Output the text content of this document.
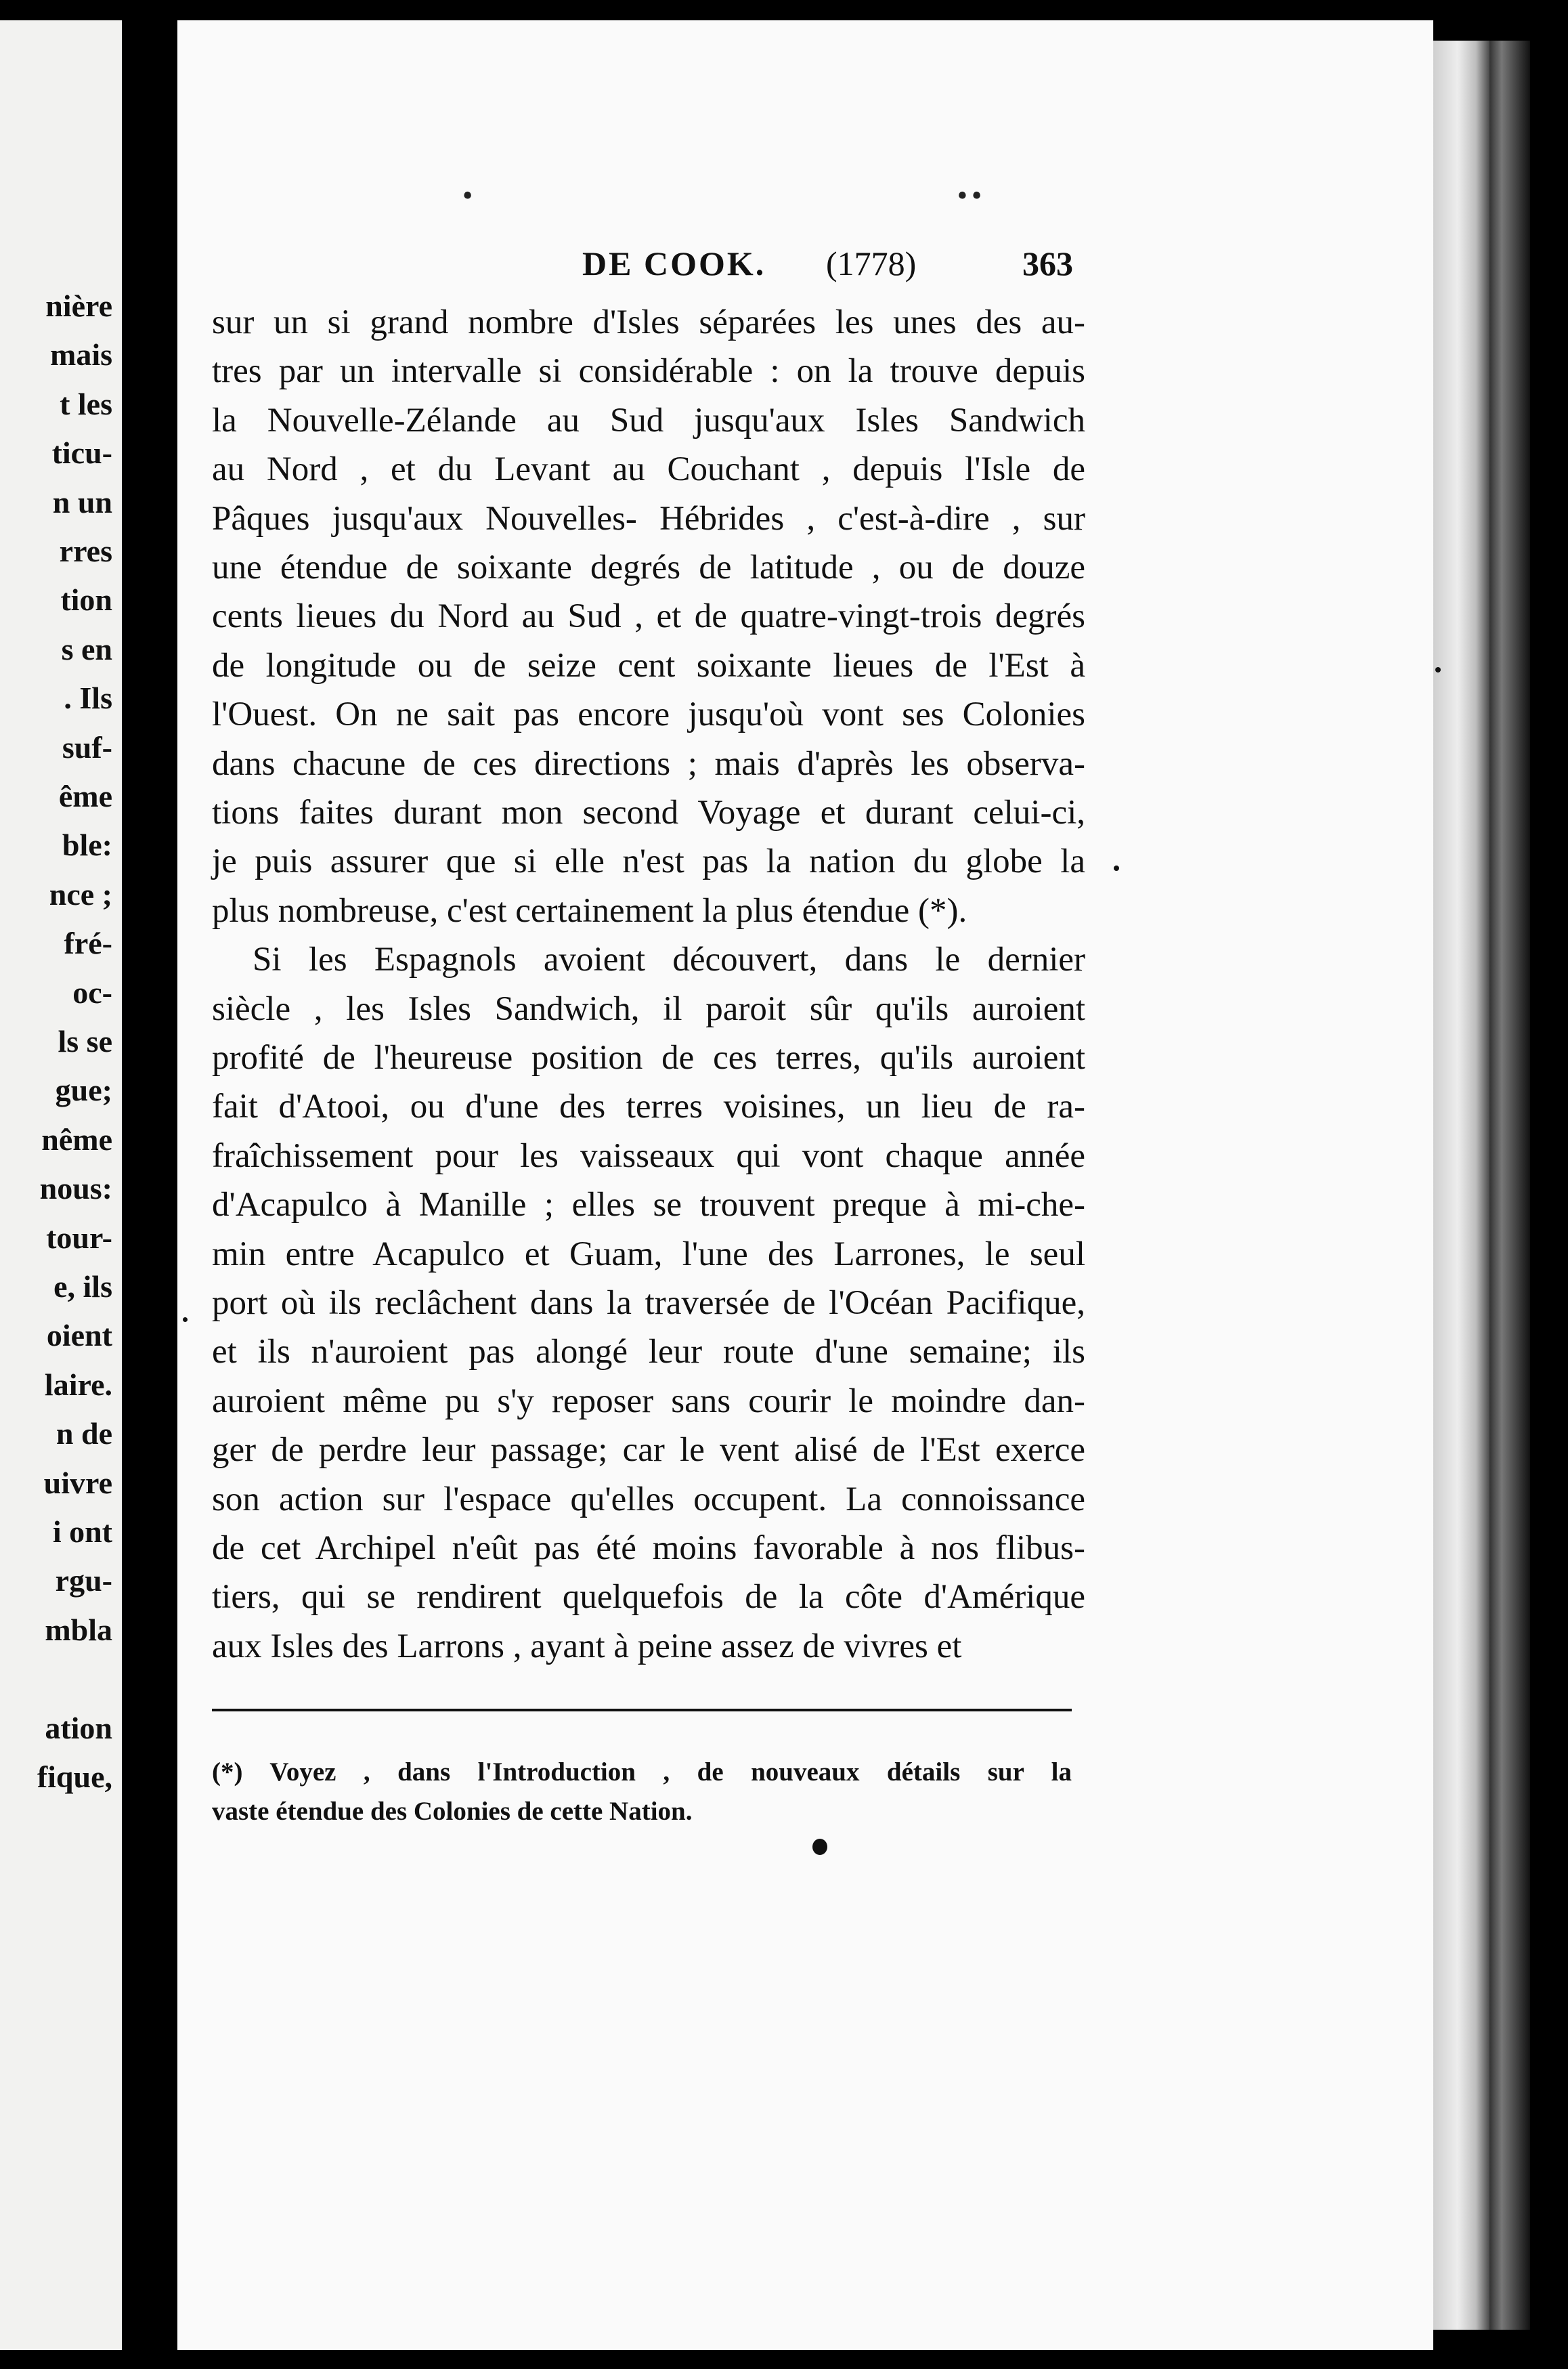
nière
mais
t les
ticu-
n un
rres
tion
s en
. Ils
suf-
ême
ble:
nce ;
fré-
oc-
ls se
gue;
nême
nous:
tour-
e, ils
oient
laire.
n de
uivre
i ont
rgu-
mbla
ation
fique,
•                                                              ••
DE COOK. (1778)	363
sur un si grand nombre d'Isles séparées les unes des au-
tres par un intervalle si considérable : on la trouve depuis
la Nouvelle-Zélande au Sud jusqu'aux Isles Sandwich
au Nord , et du Levant au Couchant , depuis l'Isle de
Pâques jusqu'aux Nouvelles- Hébrides , c'est-à-dire , sur
une étendue de soixante degrés de latitude , ou de douze
cents lieues du Nord au Sud , et de quatre-vingt-trois degrés
de longitude ou de seize cent soixante lieues de l'Est à
l'Ouest. On ne sait pas encore jusqu'où vont ses Colonies
dans chacune de ces directions ; mais d'après les observa-
tions faites durant mon second Voyage et durant celui-ci,
je puis assurer que si elle n'est pas la nation du globe la
plus nombreuse, c'est certainement la plus étendue (*).
Si les Espagnols avoient découvert, dans le dernier
siècle , les Isles Sandwich, il paroit sûr qu'ils auroient
profité de l'heureuse position de ces terres, qu'ils auroient
fait d'Atooi, ou d'une des terres voisines, un lieu de ra-
fraîchissement pour les vaisseaux qui vont chaque année
d'Acapulco à Manille ; elles se trouvent preque à mi-che-
min entre Acapulco et Guam, l'une des Larrones, le seul
port où ils reclâchent dans la traversée de l'Océan Pacifique,
et ils n'auroient pas alongé leur route d'une semaine; ils
auroient même pu s'y reposer sans courir le moindre dan-
ger de perdre leur passage; car le vent alisé de l'Est exerce
son action sur l'espace qu'elles occupent. La connoissance
de cet Archipel n'eût pas été moins favorable à nos flibus-
tiers, qui se rendirent quelquefois de la côte d'Amérique
aux Isles des Larrons , ayant à peine assez de vivres et
(*) Voyez , dans l'Introduction , de nouveaux détails sur la
vaste étendue des Colonies de cette Nation.
